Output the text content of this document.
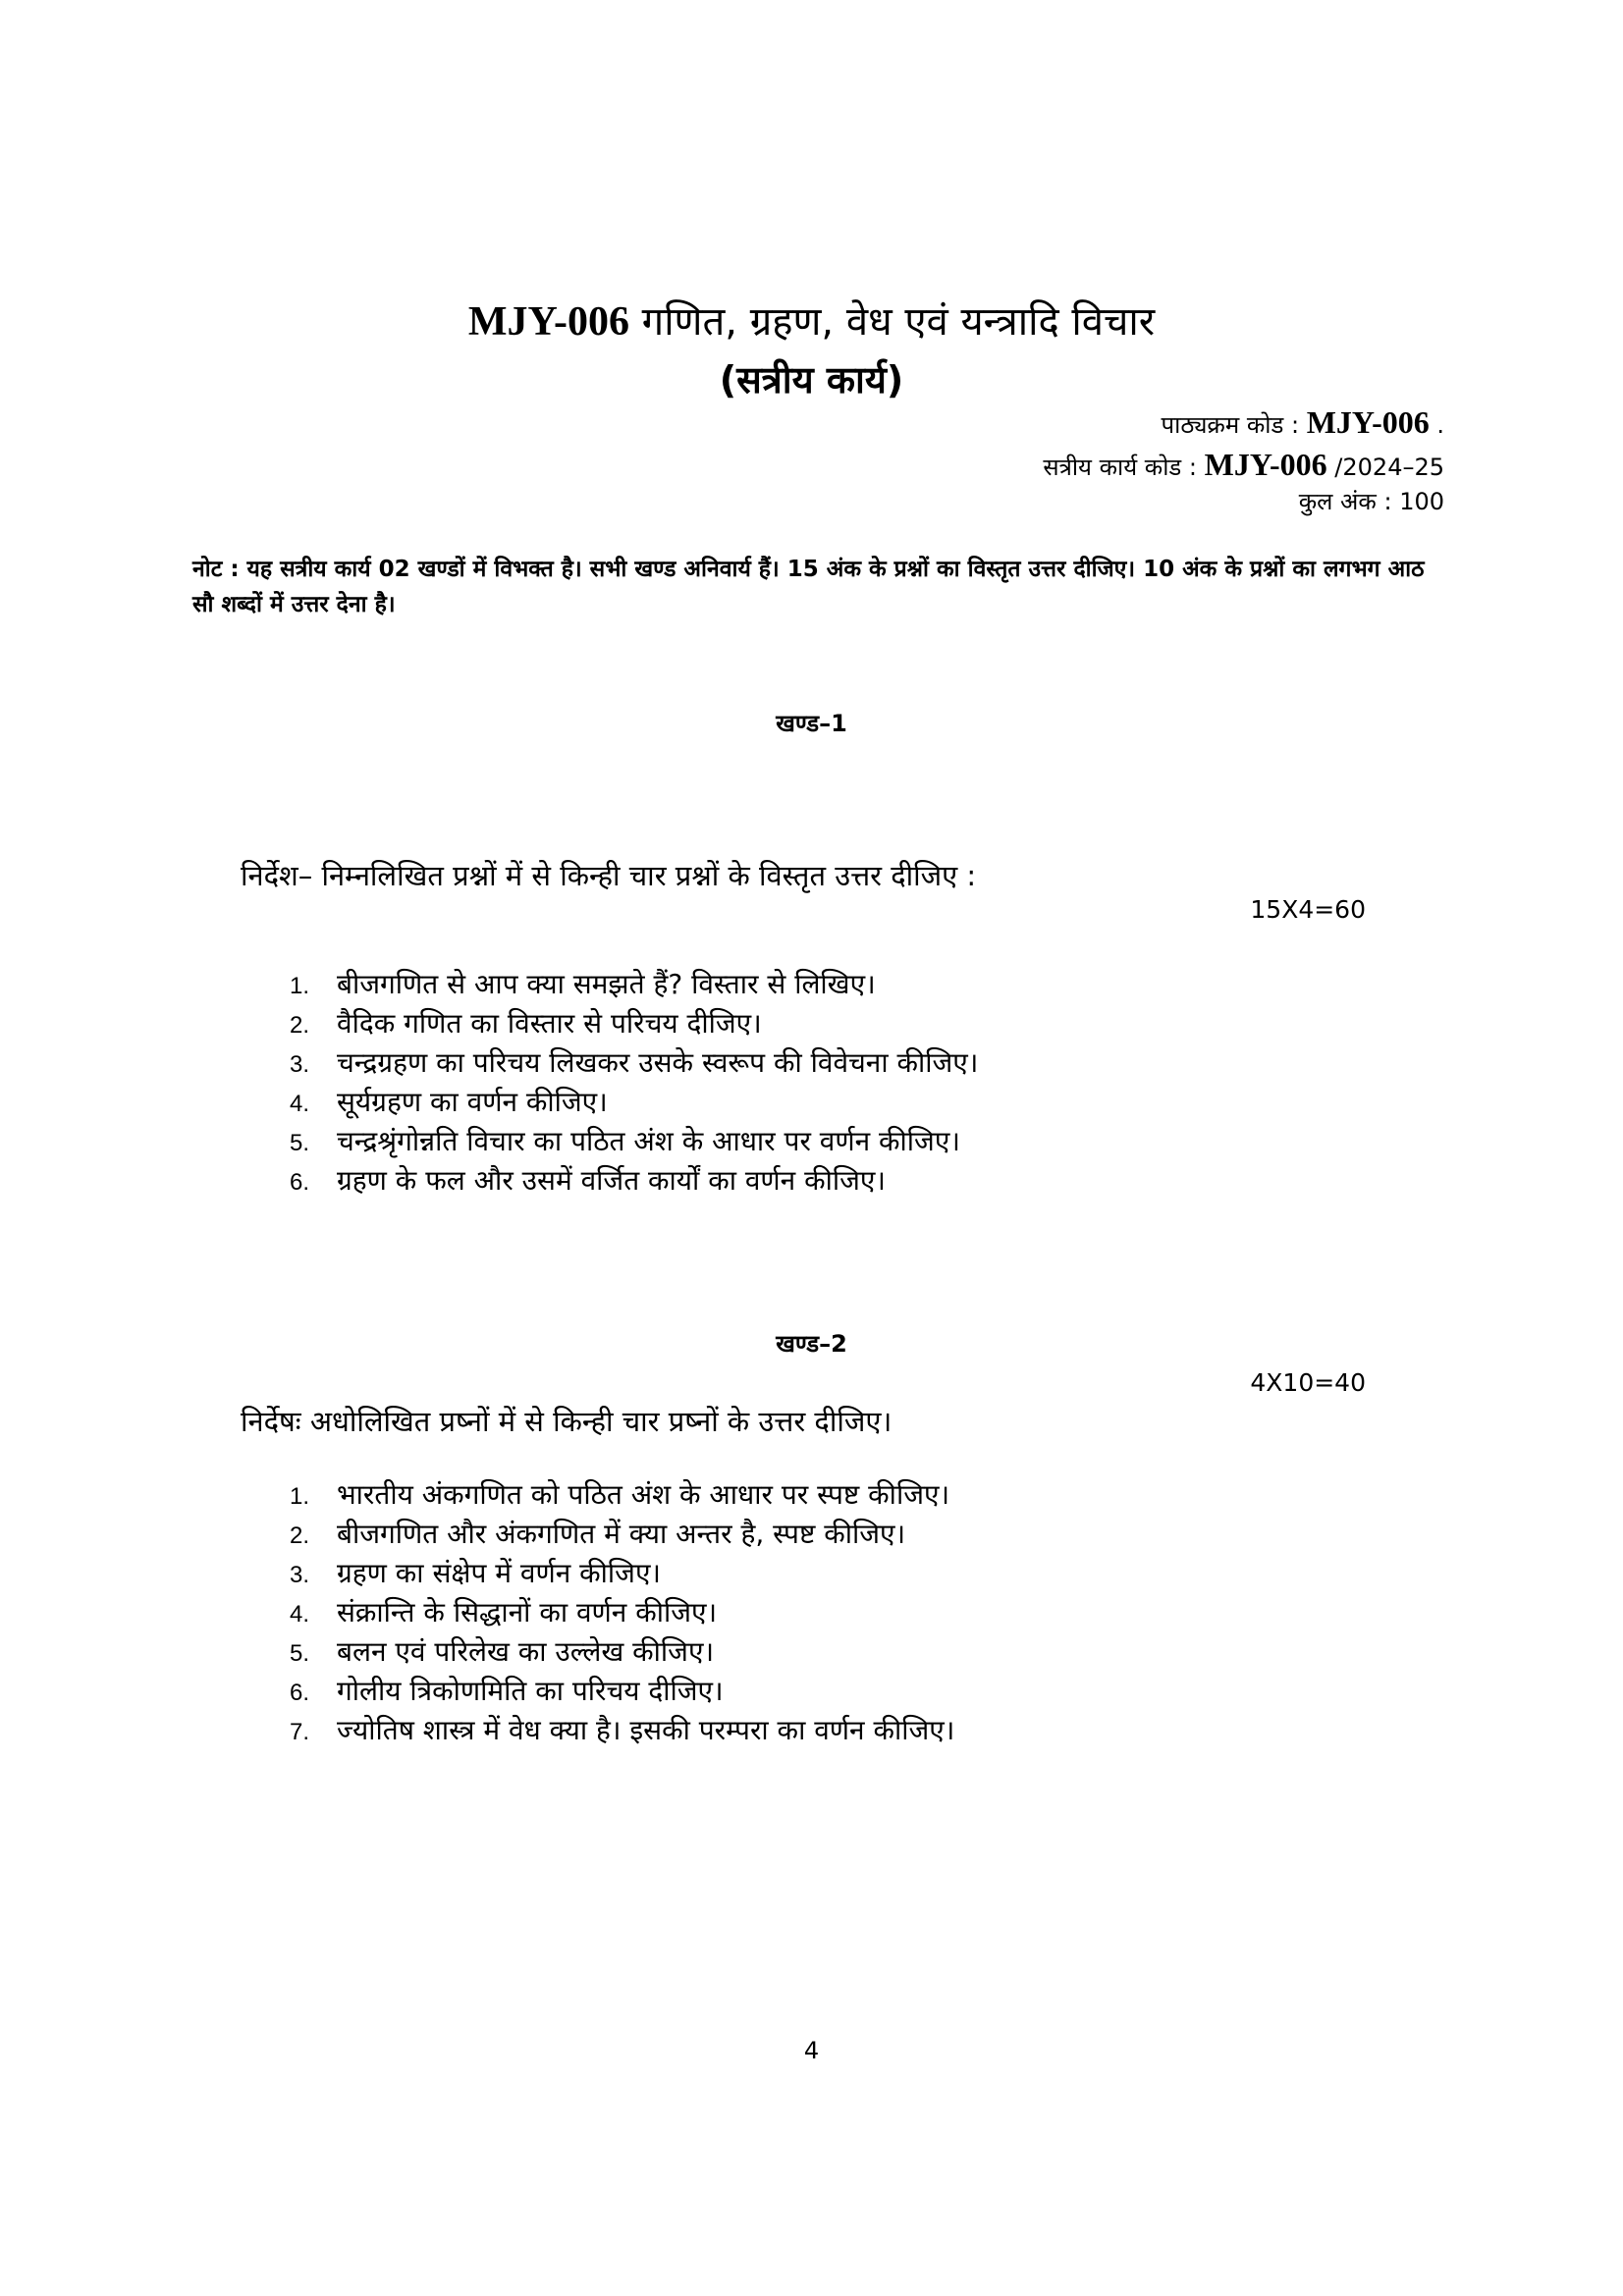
MJY-006 गणित, ग्रहण, वेध एवं यन्त्रादि विचार
(सत्रीय कार्य)
पाठ्यक्रम कोड : MJY-006 .
सत्रीय कार्य कोड : MJY-006 /2024–25
कुल अंक : 100
नोट : यह सत्रीय कार्य 02 खण्डों में विभक्त है। सभी खण्ड अनिवार्य हैं। 15 अंक के प्रश्नों का विस्तृत उत्तर दीजिए। 10 अंक के प्रश्नों का लगभग आठ सौ शब्दों में उत्तर देना है।
खण्ड–1
निर्देश– निम्नलिखित प्रश्नों में से किन्ही चार प्रश्नों के विस्तृत उत्तर दीजिए :
15X4=60
1. बीजगणित से आप क्या समझते हैं? विस्तार से लिखिए।
2. वैदिक गणित का विस्तार से परिचय दीजिए।
3. चन्द्रग्रहण का परिचय लिखकर उसके स्वरूप की विवेचना कीजिए।
4. सूर्यग्रहण का वर्णन कीजिए।
5. चन्द्रश्रृंगोन्नति विचार का पठित अंश के आधार पर वर्णन कीजिए।
6. ग्रहण के फल और उसमें वर्जित कार्यों का वर्णन कीजिए।
खण्ड–2
4X10=40
निर्देषः अधोलिखित प्रष्नों में से किन्ही चार प्रष्नों के उत्तर दीजिए।
1. भारतीय अंकगणित को पठित अंश के आधार पर स्पष्ट कीजिए।
2. बीजगणित और अंकगणित में क्या अन्तर है, स्पष्ट कीजिए।
3. ग्रहण का संक्षेप में वर्णन कीजिए।
4. संक्रान्ति के सिद्धानों का वर्णन कीजिए।
5. बलन एवं परिलेख का उल्लेख कीजिए।
6. गोलीय त्रिकोणमिति का परिचय दीजिए।
7. ज्योतिष शास्त्र में वेध क्या है। इसकी परम्परा का वर्णन कीजिए।
4
